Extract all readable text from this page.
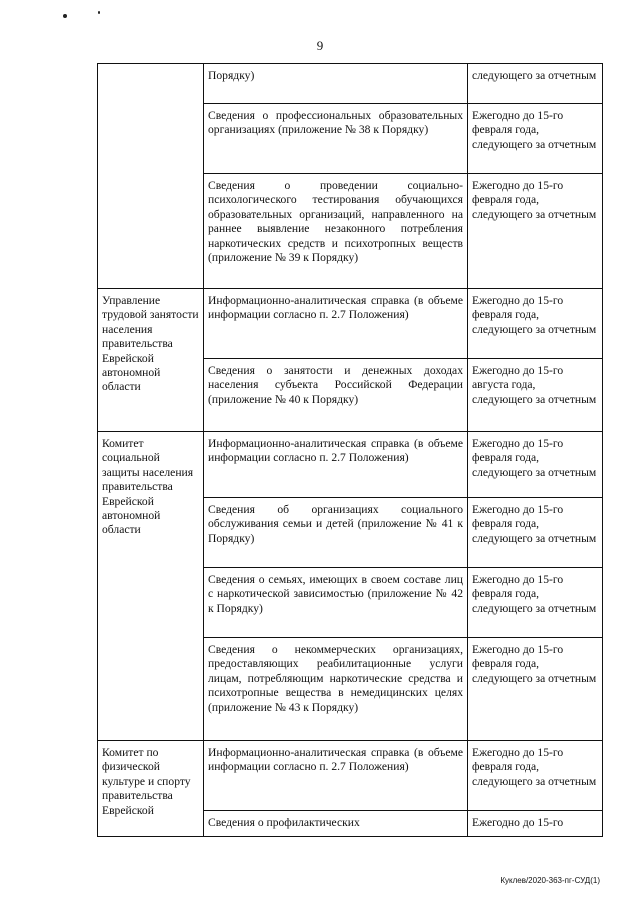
9
	Порядку)	следующего за отчетным
	Сведения о профессиональных образовательных организациях (приложение № 38 к Порядку)	Ежегодно до 15-го февраля года, следующего за отчетным
	Сведения о проведении социально-психологического тестирования обучающихся образовательных организаций, направленного на раннее выявление незаконного потребления наркотических средств и психотропных веществ (приложение № 39 к Порядку)	Ежегодно до 15-го февраля года, следующего за отчетным
Управление трудовой занятости населения правительства Еврейской автономной области	Информационно-аналитическая справка (в объеме информации согласно п. 2.7 Положения)	Ежегодно до 15-го февраля года, следующего за отчетным
	Сведения о занятости и денежных доходах населения субъекта Российской Федерации (приложение № 40 к Порядку)	Ежегодно до 15-го августа года, следующего за отчетным
Комитет социальной защиты населения правительства Еврейской автономной области	Информационно-аналитическая справка (в объеме информации согласно п. 2.7 Положения)	Ежегодно до 15-го февраля года, следующего за отчетным
	Сведения об организациях социального обслуживания семьи и детей (приложение № 41 к Порядку)	Ежегодно до 15-го февраля года, следующего за отчетным
	Сведения о семьях, имеющих в своем составе лиц с наркотической зависимостью (приложение № 42 к Порядку)	Ежегодно до 15-го февраля года, следующего за отчетным
	Сведения о некоммерческих организациях, предоставляющих реабилитационные услуги лицам, потребляющим наркотические средства и психотропные вещества в немедицинских целях (приложение № 43 к Порядку)	Ежегодно до 15-го февраля года, следующего за отчетным
Комитет по физической культуре и спорту правительства Еврейской	Информационно-аналитическая справка (в объеме информации согласно п. 2.7 Положения)	Ежегодно до 15-го февраля года, следующего за отчетным
	Сведения о профилактических	Ежегодно до 15-го
Куклев/2020-363-пг-СУД(1)
